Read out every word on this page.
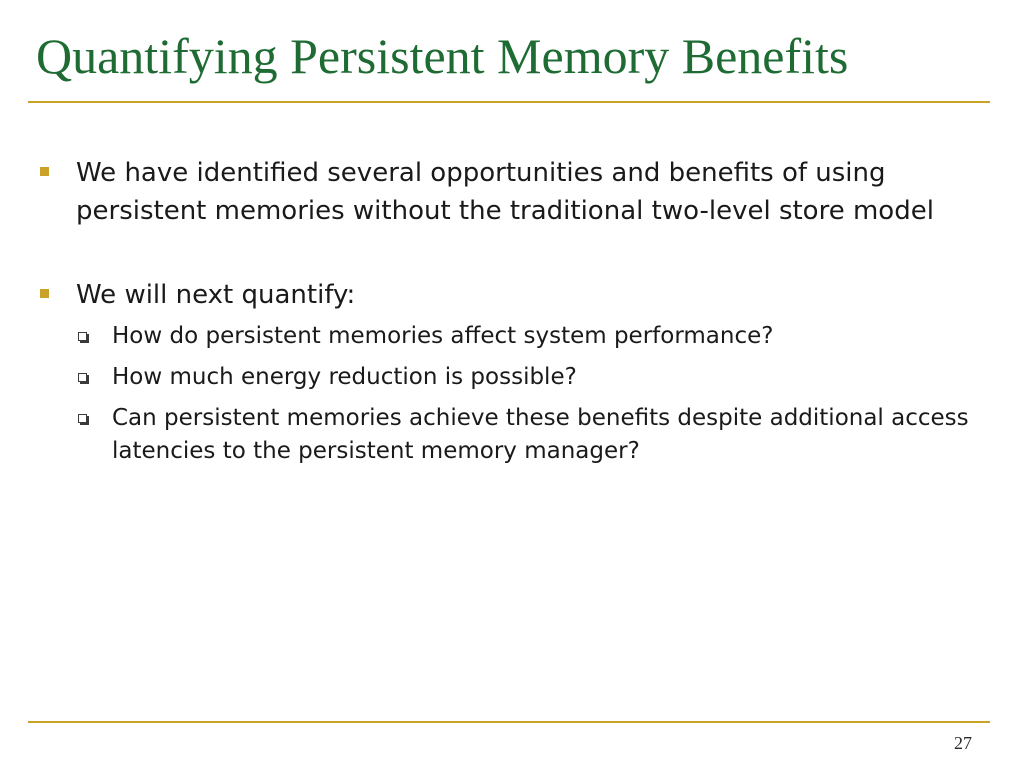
Quantifying Persistent Memory Benefits
We have identified several opportunities and benefits of using persistent memories without the traditional two-level store model
We will next quantify:
How do persistent memories affect system performance?
How much energy reduction is possible?
Can persistent memories achieve these benefits despite additional access latencies to the persistent memory manager?
27
